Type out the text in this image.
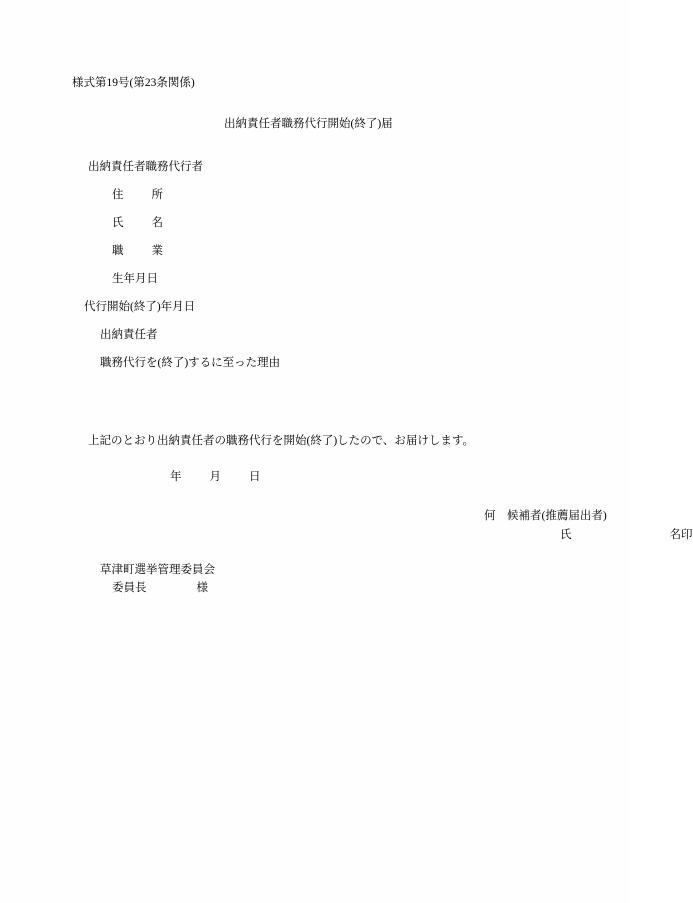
様式第19号(第23条関係)
出納責任者職務代行開始(終了)届
出納責任者職務代行者
住 所
氏 名
職 業
生年月日
代行開始(終了)年月日
出納責任者
職務代行を(終了)するに至った理由
上記のとおり出納責任者の職務代行を開始(終了)したので、お届けします。
年 月 日
何　候補者(推薦届出者)
氏	名印
草津町選挙管理委員会
委員長	様
